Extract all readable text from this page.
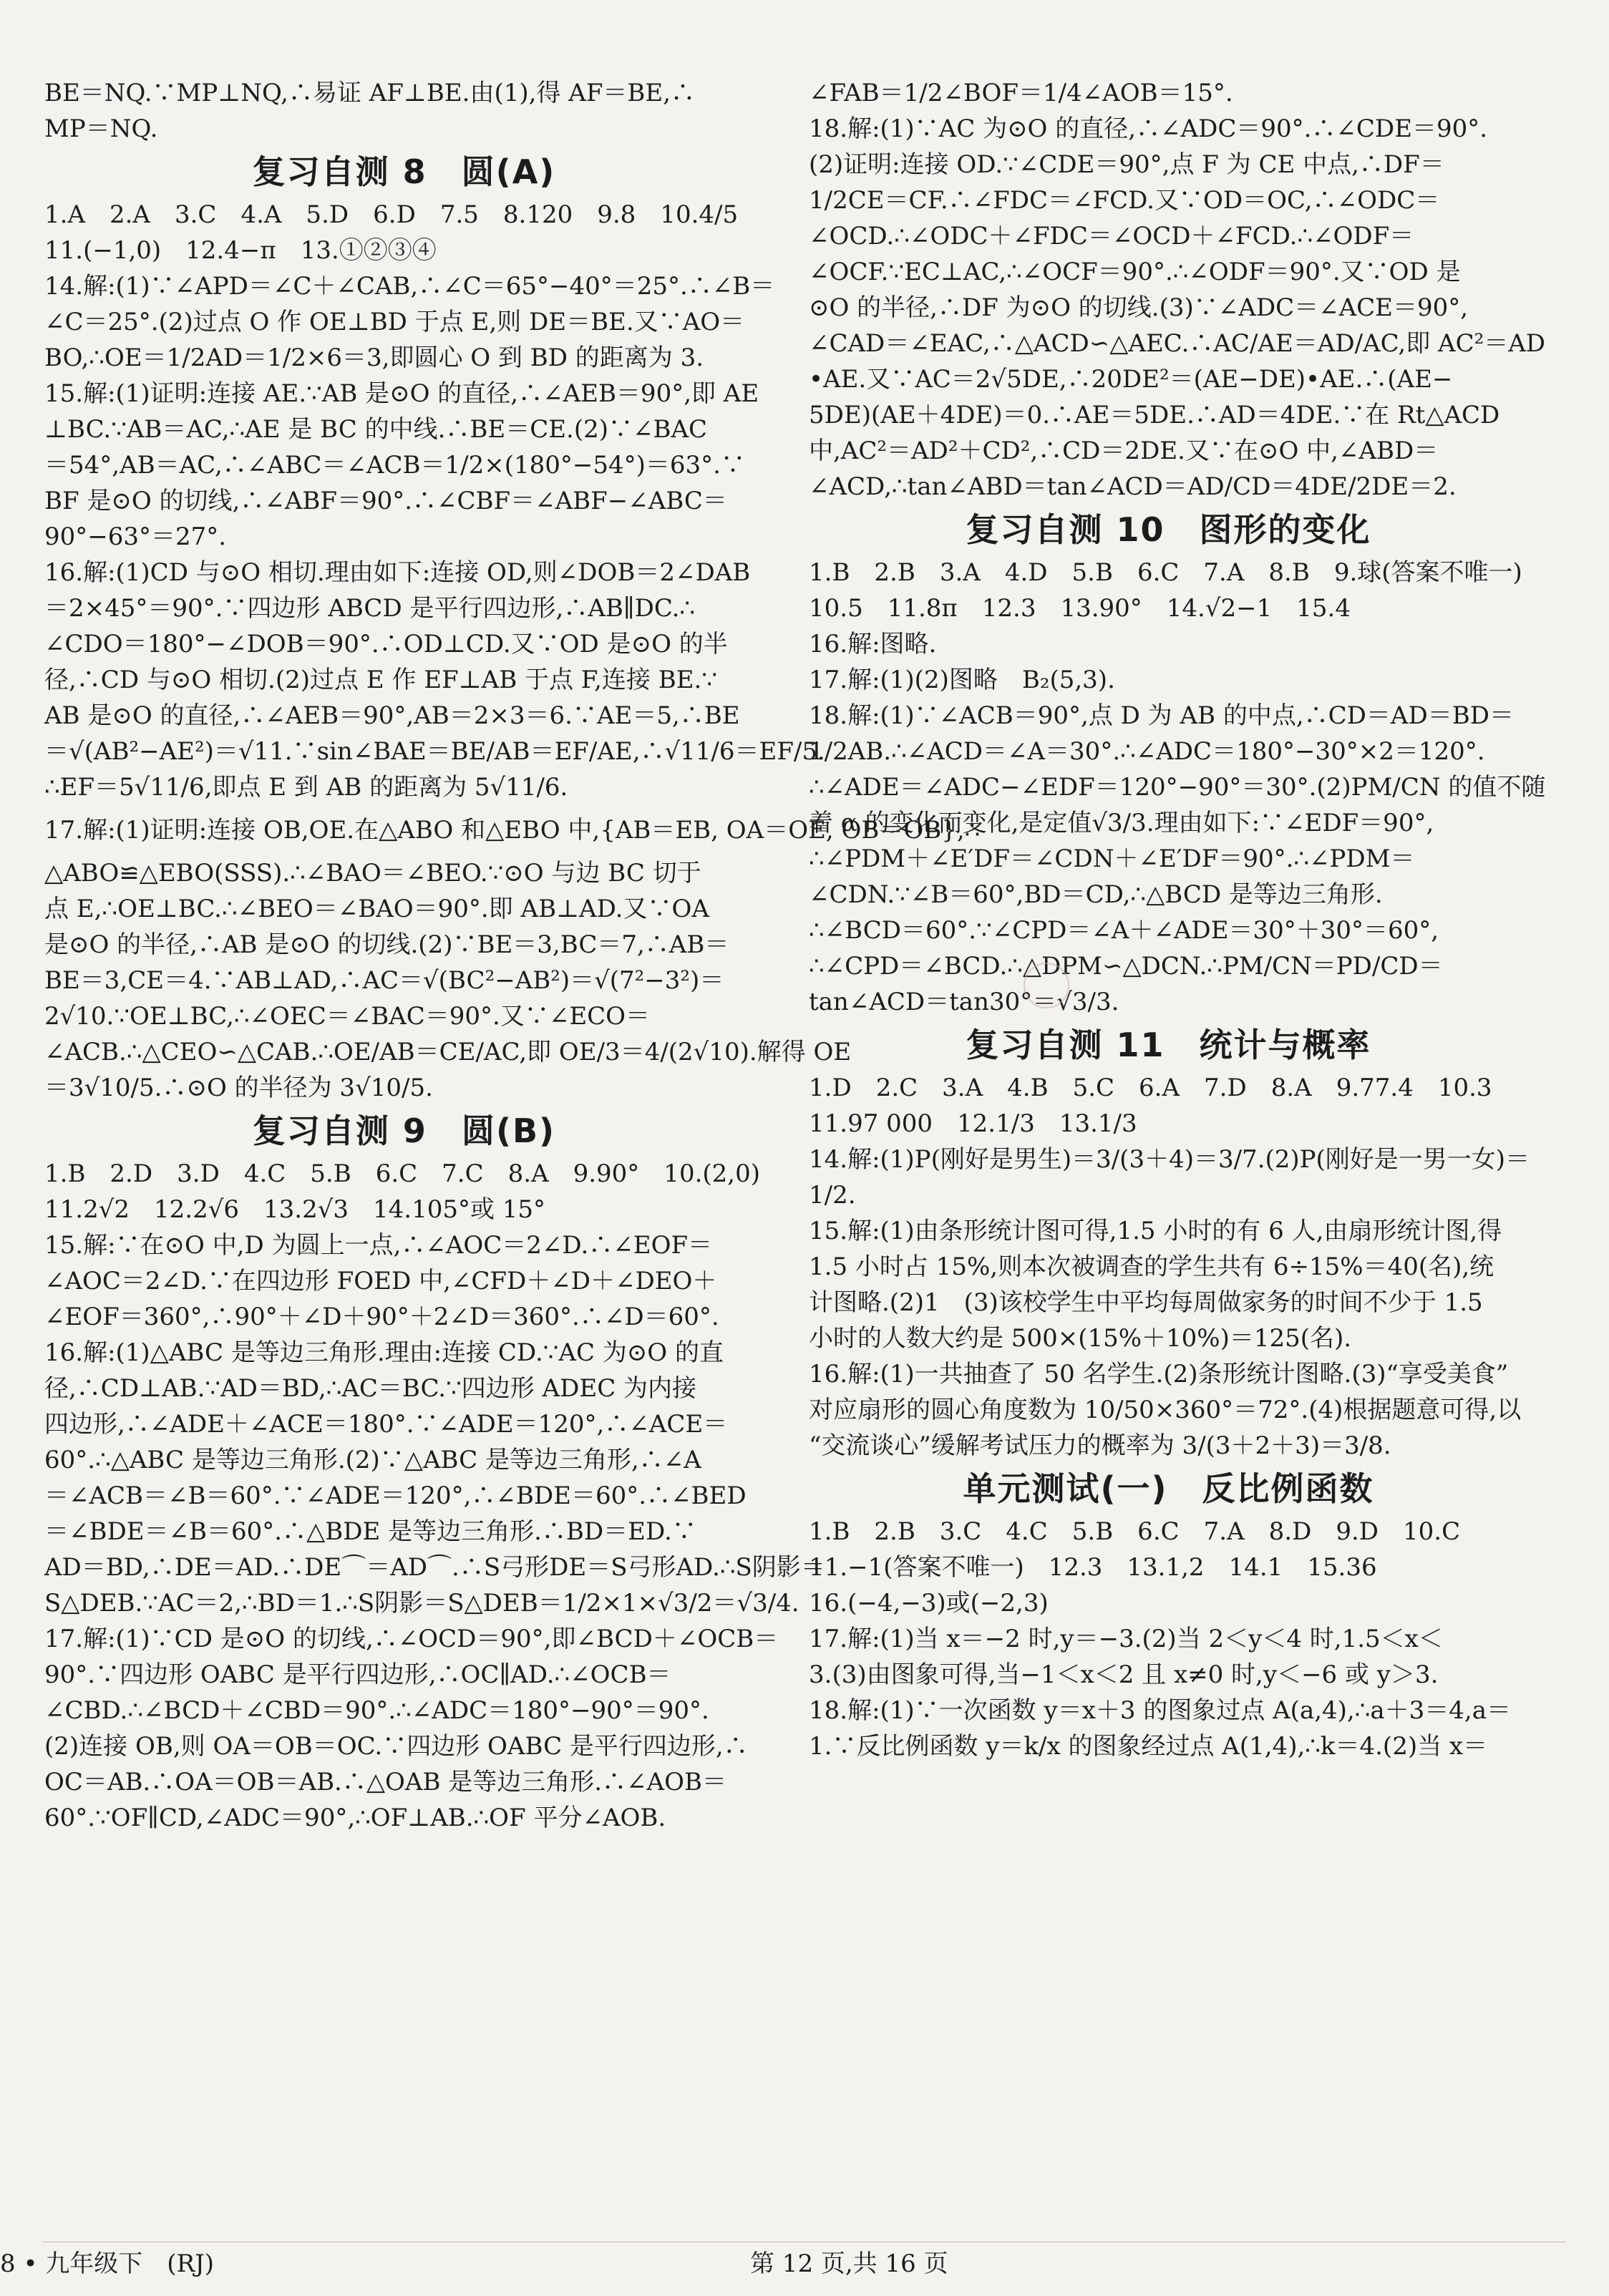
BE＝NQ.∵MP⊥NQ,∴易证 AF⊥BE.由(1),得 AF＝BE,∴
MP＝NQ.
复习自测 8　圆(A)
1.A　2.A　3.C　4.A　5.D　6.D　7.5　8.120　9.8　10.4/5
11.(−1,0)　12.4−π　13.①②③④
14.解:(1)∵∠APD＝∠C＋∠CAB,∴∠C＝65°−40°＝25°.∴∠B＝
∠C＝25°.(2)过点 O 作 OE⊥BD 于点 E,则 DE＝BE.又∵AO＝
BO,∴OE＝1/2AD＝1/2×6＝3,即圆心 O 到 BD 的距离为 3.
15.解:(1)证明:连接 AE.∵AB 是⊙O 的直径,∴∠AEB＝90°,即 AE
⊥BC.∵AB＝AC,∴AE 是 BC 的中线.∴BE＝CE.(2)∵∠BAC
＝54°,AB＝AC,∴∠ABC＝∠ACB＝1/2×(180°−54°)＝63°.∵
BF 是⊙O 的切线,∴∠ABF＝90°.∴∠CBF＝∠ABF−∠ABC＝
90°−63°＝27°.
16.解:(1)CD 与⊙O 相切.理由如下:连接 OD,则∠DOB＝2∠DAB
＝2×45°＝90°.∵四边形 ABCD 是平行四边形,∴AB∥DC.∴
∠CDO＝180°−∠DOB＝90°.∴OD⊥CD.又∵OD 是⊙O 的半
径,∴CD 与⊙O 相切.(2)过点 E 作 EF⊥AB 于点 F,连接 BE.∵
AB 是⊙O 的直径,∴∠AEB＝90°,AB＝2×3＝6.∵AE＝5,∴BE
＝√(AB²−AE²)＝√11.∵sin∠BAE＝BE/AB＝EF/AE,∴√11/6＝EF/5.
∴EF＝5√11/6,即点 E 到 AB 的距离为 5√11/6.
17.解:(1)证明:连接 OB,OE.在△ABO 和△EBO 中,{AB＝EB, OA＝OE, OB＝OB},∴
△ABO≌△EBO(SSS).∴∠BAO＝∠BEO.∵⊙O 与边 BC 切于
点 E,∴OE⊥BC.∴∠BEO＝∠BAO＝90°.即 AB⊥AD.又∵OA
是⊙O 的半径,∴AB 是⊙O 的切线.(2)∵BE＝3,BC＝7,∴AB＝
BE＝3,CE＝4.∵AB⊥AD,∴AC＝√(BC²−AB²)＝√(7²−3²)＝
2√10.∵OE⊥BC,∴∠OEC＝∠BAC＝90°.又∵∠ECO＝
∠ACB.∴△CEO∽△CAB.∴OE/AB＝CE/AC,即 OE/3＝4/(2√10).解得 OE
＝3√10/5.∴⊙O 的半径为 3√10/5.
复习自测 9　圆(B)
1.B　2.D　3.D　4.C　5.B　6.C　7.C　8.A　9.90°　10.(2,0)
11.2√2　12.2√6　13.2√3　14.105°或 15°
15.解:∵在⊙O 中,D 为圆上一点,∴∠AOC＝2∠D.∴∠EOF＝
∠AOC＝2∠D.∵在四边形 FOED 中,∠CFD＋∠D＋∠DEO＋
∠EOF＝360°,∴90°＋∠D＋90°＋2∠D＝360°.∴∠D＝60°.
16.解:(1)△ABC 是等边三角形.理由:连接 CD.∵AC 为⊙O 的直
径,∴CD⊥AB.∵AD＝BD,∴AC＝BC.∵四边形 ADEC 为内接
四边形,∴∠ADE＋∠ACE＝180°.∵∠ADE＝120°,∴∠ACE＝
60°.∴△ABC 是等边三角形.(2)∵△ABC 是等边三角形,∴∠A
＝∠ACB＝∠B＝60°.∵∠ADE＝120°,∴∠BDE＝60°.∴∠BED
＝∠BDE＝∠B＝60°.∴△BDE 是等边三角形.∴BD＝ED.∵
AD＝BD,∴DE＝AD.∴DE⌒＝AD⌒.∴S弓形DE＝S弓形AD.∴S阴影＝
S△DEB.∵AC＝2,∴BD＝1.∴S阴影＝S△DEB＝1/2×1×√3/2＝√3/4.
17.解:(1)∵CD 是⊙O 的切线,∴∠OCD＝90°,即∠BCD＋∠OCB＝
90°.∵四边形 OABC 是平行四边形,∴OC∥AD.∴∠OCB＝
∠CBD.∴∠BCD＋∠CBD＝90°.∴∠ADC＝180°−90°＝90°.
(2)连接 OB,则 OA＝OB＝OC.∵四边形 OABC 是平行四边形,∴
OC＝AB.∴OA＝OB＝AB.∴△OAB 是等边三角形.∴∠AOB＝
60°.∵OF∥CD,∠ADC＝90°,∴OF⊥AB.∴OF 平分∠AOB.
∠FAB＝1/2∠BOF＝1/4∠AOB＝15°.
18.解:(1)∵AC 为⊙O 的直径,∴∠ADC＝90°.∴∠CDE＝90°.
(2)证明:连接 OD.∵∠CDE＝90°,点 F 为 CE 中点,∴DF＝
1/2CE＝CF.∴∠FDC＝∠FCD.又∵OD＝OC,∴∠ODC＝
∠OCD.∴∠ODC＋∠FDC＝∠OCD＋∠FCD.∴∠ODF＝
∠OCF.∵EC⊥AC,∴∠OCF＝90°.∴∠ODF＝90°.又∵OD 是
⊙O 的半径,∴DF 为⊙O 的切线.(3)∵∠ADC＝∠ACE＝90°,
∠CAD＝∠EAC,∴△ACD∽△AEC.∴AC/AE＝AD/AC,即 AC²＝AD
•AE.又∵AC＝2√5DE,∴20DE²＝(AE−DE)•AE.∴(AE−
5DE)(AE＋4DE)＝0.∴AE＝5DE.∴AD＝4DE.∵在 Rt△ACD
中,AC²＝AD²＋CD²,∴CD＝2DE.又∵在⊙O 中,∠ABD＝
∠ACD,∴tan∠ABD＝tan∠ACD＝AD/CD＝4DE/2DE＝2.
复习自测 10　图形的变化
1.B　2.B　3.A　4.D　5.B　6.C　7.A　8.B　9.球(答案不唯一)
10.5　11.8π　12.3　13.90°　14.√2−1　15.4
16.解:图略.
17.解:(1)(2)图略　B₂(5,3).
18.解:(1)∵∠ACB＝90°,点 D 为 AB 的中点,∴CD＝AD＝BD＝
1/2AB.∴∠ACD＝∠A＝30°.∴∠ADC＝180°−30°×2＝120°.
∴∠ADE＝∠ADC−∠EDF＝120°−90°＝30°.(2)PM/CN 的值不随
着 α 的变化而变化,是定值√3/3.理由如下:∵∠EDF＝90°,
∴∠PDM＋∠E′DF＝∠CDN＋∠E′DF＝90°.∴∠PDM＝
∠CDN.∵∠B＝60°,BD＝CD,∴△BCD 是等边三角形.
∴∠BCD＝60°.∵∠CPD＝∠A＋∠ADE＝30°＋30°＝60°,
∴∠CPD＝∠BCD.∴△DPM∽△DCN.∴PM/CN＝PD/CD＝
tan∠ACD＝tan30°＝√3/3.
复习自测 11　统计与概率
1.D　2.C　3.A　4.B　5.C　6.A　7.D　8.A　9.77.4　10.3
11.97 000　12.1/3　13.1/3
14.解:(1)P(刚好是男生)＝3/(3＋4)＝3/7.(2)P(刚好是一男一女)＝
1/2.
15.解:(1)由条形统计图可得,1.5 小时的有 6 人,由扇形统计图,得
1.5 小时占 15%,则本次被调查的学生共有 6÷15%＝40(名),统
计图略.(2)1　(3)该校学生中平均每周做家务的时间不少于 1.5
小时的人数大约是 500×(15%＋10%)＝125(名).
16.解:(1)一共抽查了 50 名学生.(2)条形统计图略.(3)“享受美食”
对应扇形的圆心角度数为 10/50×360°＝72°.(4)根据题意可得,以
“交流谈心”缓解考试压力的概率为 3/(3＋2＋3)＝3/8.
单元测试(一)　反比例函数
1.B　2.B　3.C　4.C　5.B　6.C　7.A　8.D　9.D　10.C
11.−1(答案不唯一)　12.3　13.1,2　14.1　15.36
16.(−4,−3)或(−2,3)
17.解:(1)当 x＝−2 时,y＝−3.(2)当 2＜y＜4 时,1.5＜x＜
3.(3)由图象可得,当−1＜x＜2 且 x≠0 时,y＜−6 或 y＞3.
18.解:(1)∵一次函数 y＝x＋3 的图象过点 A(a,4),∴a＋3＝4,a＝
1.∵反比例函数 y＝k/x 的图象经过点 A(1,4),∴k＝4.(2)当 x＝
8 • 九年级下　(RJ)	第 12 页,共 16 页
